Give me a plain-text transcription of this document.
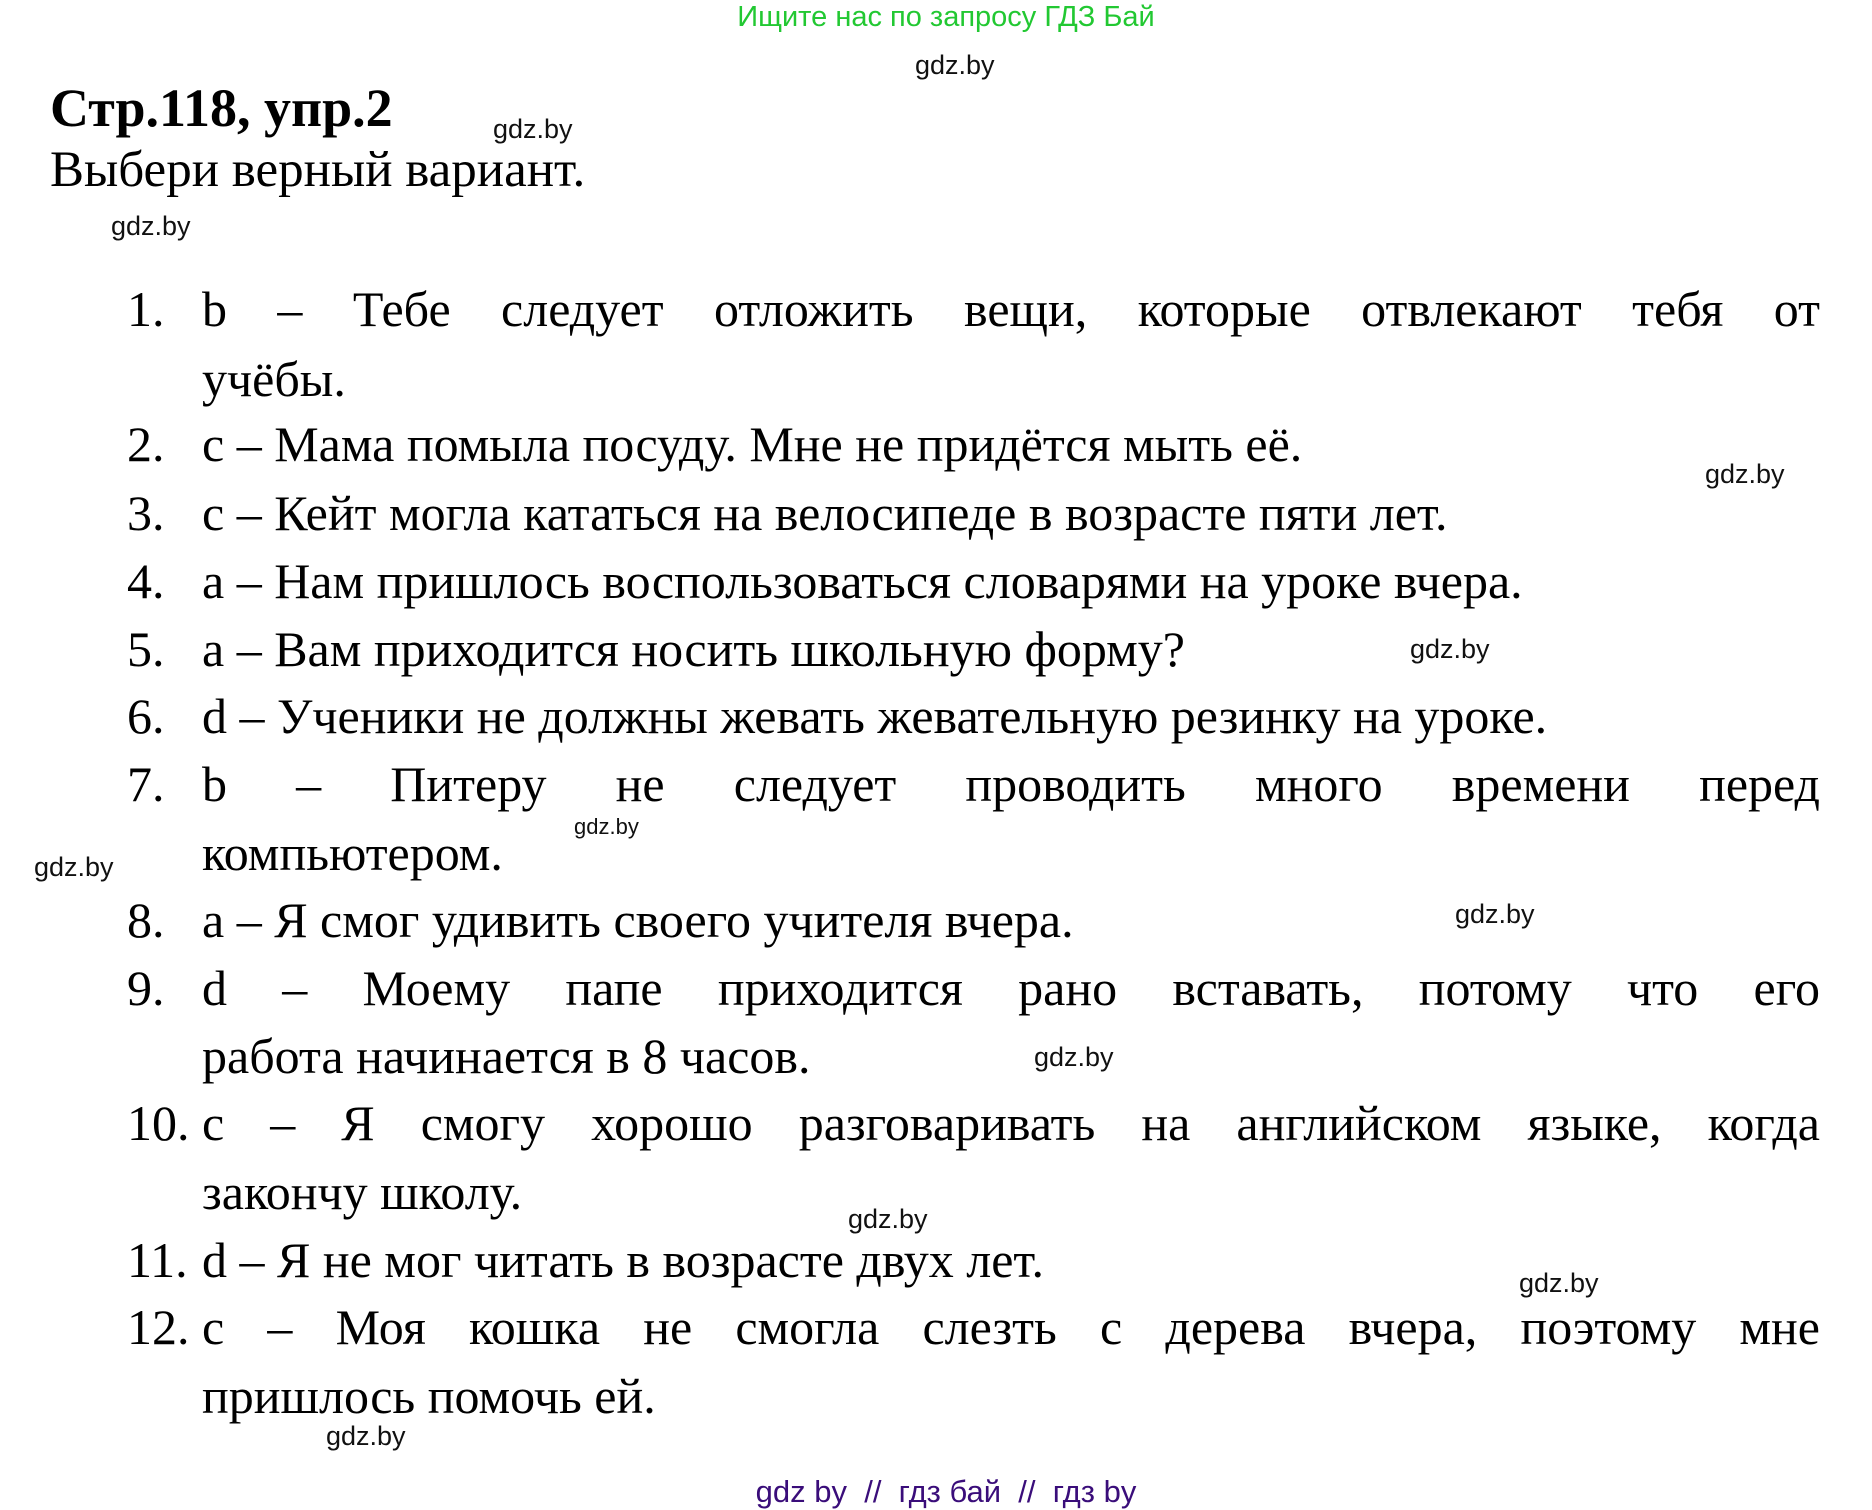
Ищите нас по запросу ГДЗ Бай
Стр.118, упр.2
Выбери верный вариант.
gdz.by
gdz.by
gdz.by
gdz.by
gdz.by
gdz.by
gdz.by
gdz.by
gdz.by
gdz.by
gdz.by
gdz.by
1. b – Тебе следует отложить вещи, которые отвлекают тебя от
учёбы.
2. c – Мама помыла посуду. Мне не придётся мыть её.
3. c – Кейт могла кататься на велосипеде в возрасте пяти лет.
4. a – Нам пришлось воспользоваться словарями на уроке вчера.
5. a – Вам приходится носить школьную форму?
6. d – Ученики не должны жевать жевательную резинку на уроке.
7. b – Питеру не следует проводить много времени перед
компьютером.
8. a – Я смог удивить своего учителя вчера.
9. d – Моему папе приходится рано вставать, потому что его
работа начинается в 8 часов.
10. c – Я смогу хорошо разговаривать на английском языке, когда
закончу школу.
11. d – Я не мог читать в возрасте двух лет.
12. c – Моя кошка не смогла слезть с дерева вчера, поэтому мне
пришлось помочь ей.
gdz by  //  гдз бай  //  гдз by
